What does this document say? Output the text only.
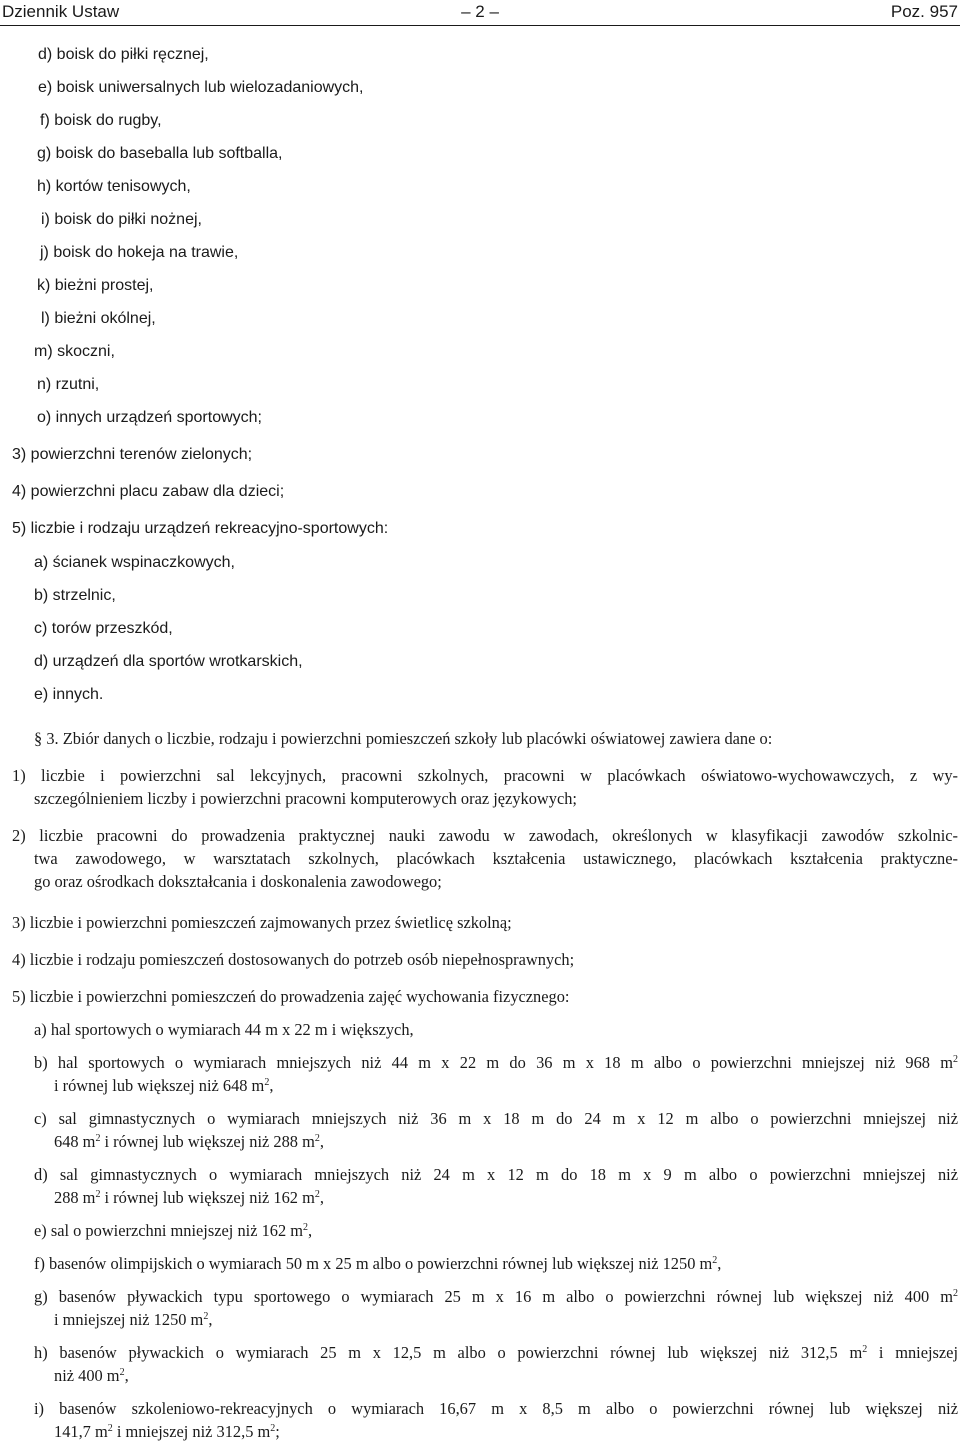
Dziennik Ustaw	– 2 –	Poz. 957
d) boisk do piłki ręcznej,
e) boisk uniwersalnych lub wielozadaniowych,
f) boisk do rugby,
g) boisk do baseballa lub softballa,
h) kortów tenisowych,
i) boisk do piłki nożnej,
j) boisk do hokeja na trawie,
k) bieżni prostej,
l) bieżni okólnej,
m) skoczni,
n) rzutni,
o) innych urządzeń sportowych;
3) powierzchni terenów zielonych;
4) powierzchni placu zabaw dla dzieci;
5) liczbie i rodzaju urządzeń rekreacyjno-sportowych:
a) ścianek wspinaczkowych,
b) strzelnic,
c) torów przeszkód,
d) urządzeń dla sportów wrotkarskich,
e) innych.
§ 3. Zbiór danych o liczbie, rodzaju i powierzchni pomieszczeń szkoły lub placówki oświatowej zawiera dane o:
1) liczbie i powierzchni sal lekcyjnych, pracowni szkolnych, pracowni w placówkach oświatowo-wychowawczych, z wy-
szczególnieniem liczby i powierzchni pracowni komputerowych oraz językowych;
2) liczbie pracowni do prowadzenia praktycznej nauki zawodu w zawodach, określonych w klasyfikacji zawodów szkolnic-
twa zawodowego, w warsztatach szkolnych, placówkach kształcenia ustawicznego, placówkach kształcenia praktyczne-
go oraz ośrodkach dokształcania i doskonalenia zawodowego;
3) liczbie i powierzchni pomieszczeń zajmowanych przez świetlicę szkolną;
4) liczbie i rodzaju pomieszczeń dostosowanych do potrzeb osób niepełnosprawnych;
5) liczbie i powierzchni pomieszczeń do prowadzenia zajęć wychowania fizycznego:
a) hal sportowych o wymiarach 44 m x 22 m i większych,
b) hal sportowych o wymiarach mniejszych niż 44 m x 22 m do 36 m x 18 m albo o powierzchni mniejszej niż 968 $m^2$
i równej lub większej niż 648 $m^2$,
c) sal gimnastycznych o wymiarach mniejszych niż 36 m x 18 m do 24 m x 12 m albo o powierzchni mniejszej niż
648 $m^2$ i równej lub większej niż 288 $m^2$,
d) sal gimnastycznych o wymiarach mniejszych niż 24 m x 12 m do 18 m x 9 m albo o powierzchni mniejszej niż
288 $m^2$ i równej lub większej niż 162 $m^2$,
e) sal o powierzchni mniejszej niż 162 $m^2$,
f) basenów olimpijskich o wymiarach 50 m x 25 m albo o powierzchni równej lub większej niż 1250 $m^2$,
g) basenów pływackich typu sportowego o wymiarach 25 m x 16 m albo o powierzchni równej lub większej niż 400 $m^2$
i mniejszej niż 1250 $m^2$,
h) basenów pływackich o wymiarach 25 m x 12,5 m albo o powierzchni równej lub większej niż 312,5 $m^2$ i mniejszej
niż 400 $m^2$,
i) basenów szkoleniowo-rekreacyjnych o wymiarach 16,67 m x 8,5 m albo o powierzchni równej lub większej niż
141,7 $m^2$ i mniejszej niż 312,5 $m^2$;
